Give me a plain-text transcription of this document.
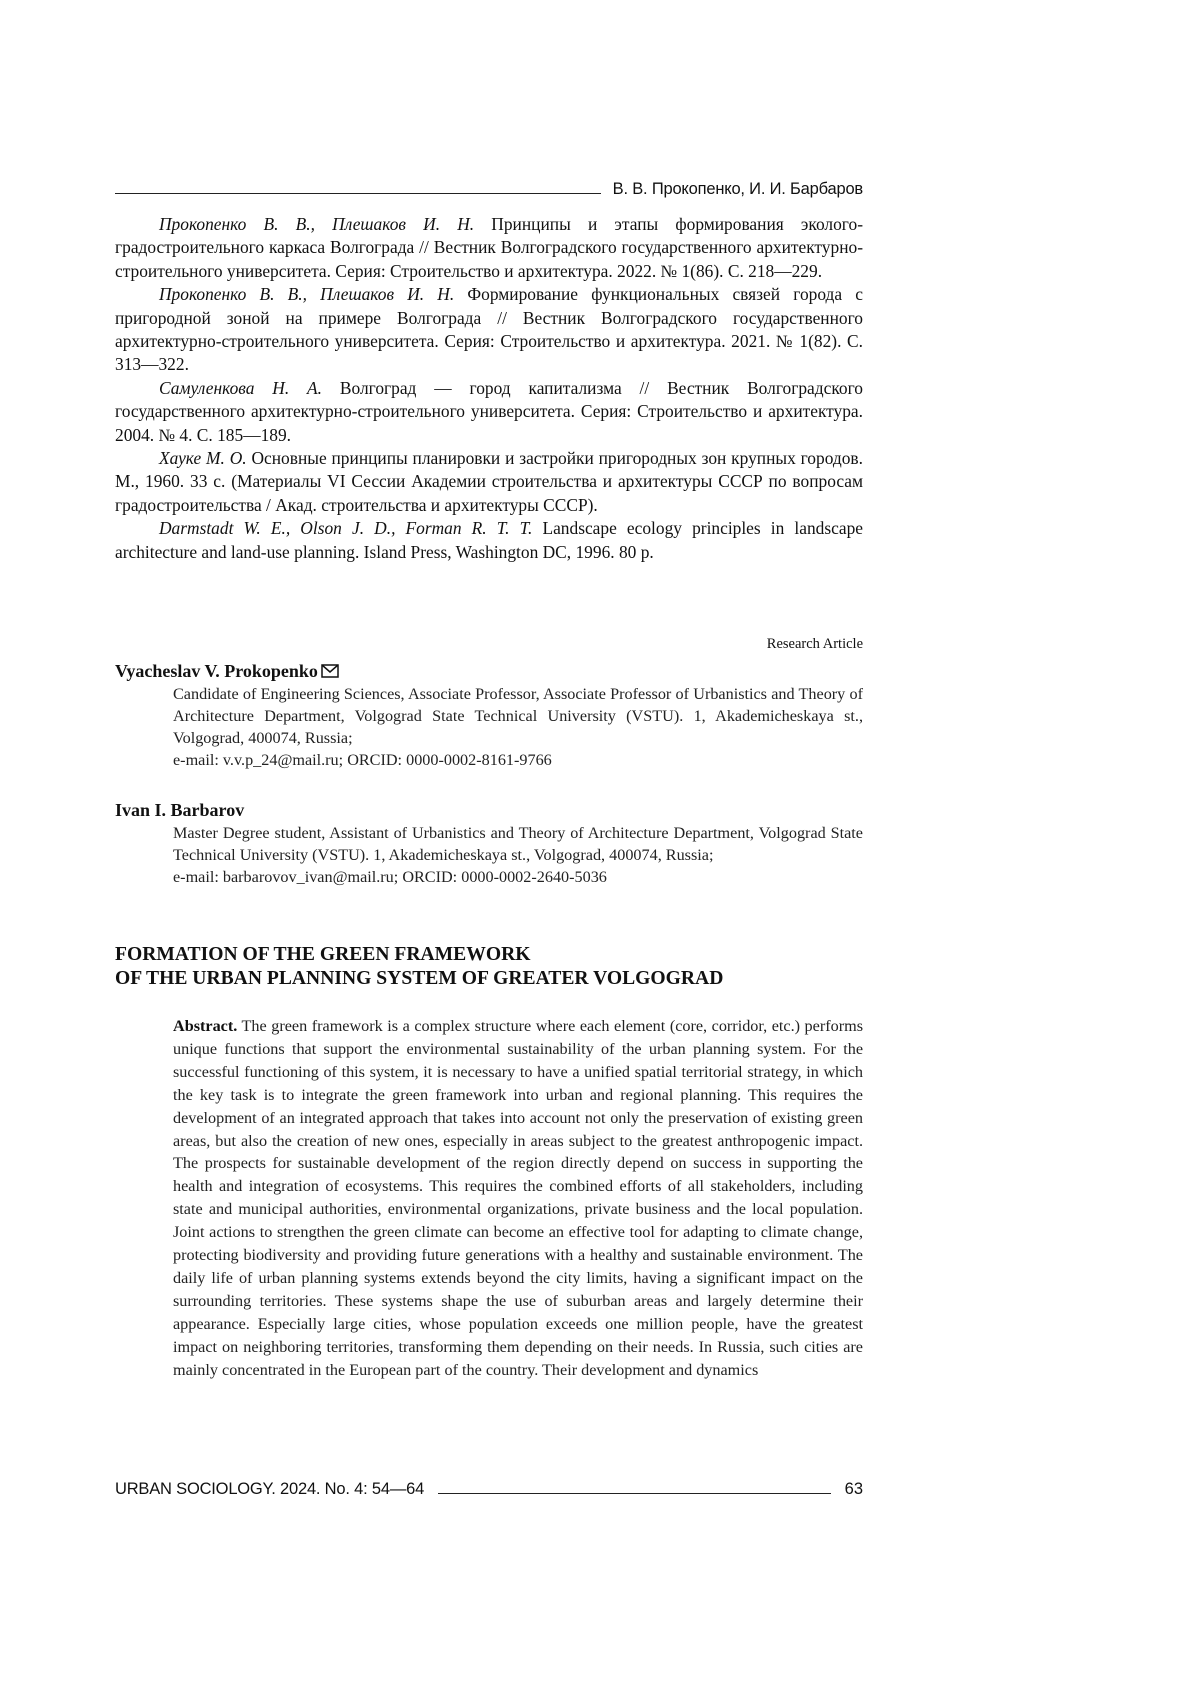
В. В. Прокопенко, И. И. Барбаров

Прокопенко В. В., Плешаков И. Н. Принципы и этапы формирования эколого-градостроительного каркаса Волгограда // Вестник Волгоградского государственного архитектурно-строительного университета. Серия: Строительство и архитектура. 2022. № 1(86). С. 218—229.

Прокопенко В. В., Плешаков И. Н. Формирование функциональных связей города с пригородной зоной на примере Волгограда // Вестник Волгоградского государственного архитектурно-строительного университета. Серия: Строительство и архитектура. 2021. № 1(82). С. 313—322.

Самуленкова Н. А. Волгоград — город капитализма // Вестник Волгоградского государственного архитектурно-строительного университета. Серия: Строительство и архитектура. 2004. № 4. С. 185—189.

Хауке М. О. Основные принципы планировки и застройки пригородных зон крупных городов. М., 1960. 33 с. (Материалы VI Сессии Академии строительства и архитектуры СССР по вопросам градостроительства / Акад. строительства и архитектуры СССР).

Darmstadt W. E., Olson J. D., Forman R. T. T. Landscape ecology principles in landscape architecture and land-use planning. Island Press, Washington DC, 1996. 80 p.

Research Article
Vyacheslav V. Prokopenko

Candidate of Engineering Sciences, Associate Professor, Associate Professor of Urbanistics and Theory of Architecture Department, Volgograd State Technical University (VSTU). 1, Akademicheskaya st., Volgograd, 400074, Russia;

e-mail: v.v.p_24@mail.ru; ORCID: 0000-0002-8161-9766

Ivan I. Barbarov

Master Degree student, Assistant of Urbanistics and Theory of Architecture Department, Volgograd State Technical University (VSTU). 1, Akademicheskaya st., Volgograd, 400074, Russia;

e-mail: barbarovov_ivan@mail.ru; ORCID: 0000-0002-2640-5036

FORMATION OF THE GREEN FRAMEWORK

OF THE URBAN PLANNING SYSTEM OF GREATER VOLGOGRAD

Abstract. The green framework is a complex structure where each element (core, corridor, etc.) performs unique functions that support the environmental sustainability of the urban planning system. For the successful functioning of this system, it is necessary to have a unified spatial territorial strategy, in which the key task is to integrate the green framework into urban and regional planning. This requires the development of an integrated approach that takes into account not only the preservation of existing green areas, but also the creation of new ones, especially in areas subject to the greatest anthropogenic impact. The prospects for sustainable development of the region directly depend on success in supporting the health and integration of ecosystems. This requires the combined efforts of all stakeholders, including state and municipal authorities, environmental organizations, private business and the local population. Joint actions to strengthen the green climate can become an effective tool for adapting to climate change, protecting biodiversity and providing future generations with a healthy and sustainable environment. The daily life of urban planning systems extends beyond the city limits, having a significant impact on the surrounding territories. These systems shape the use of suburban areas and largely determine their appearance. Especially large cities, whose population exceeds one million people, have the greatest impact on neighboring territories, transforming them depending on their needs. In Russia, such cities are mainly concentrated in the European part of the country. Their development and dynamics

URBAN SOCIOLOGY. 2024. No. 4: 54—64	63
